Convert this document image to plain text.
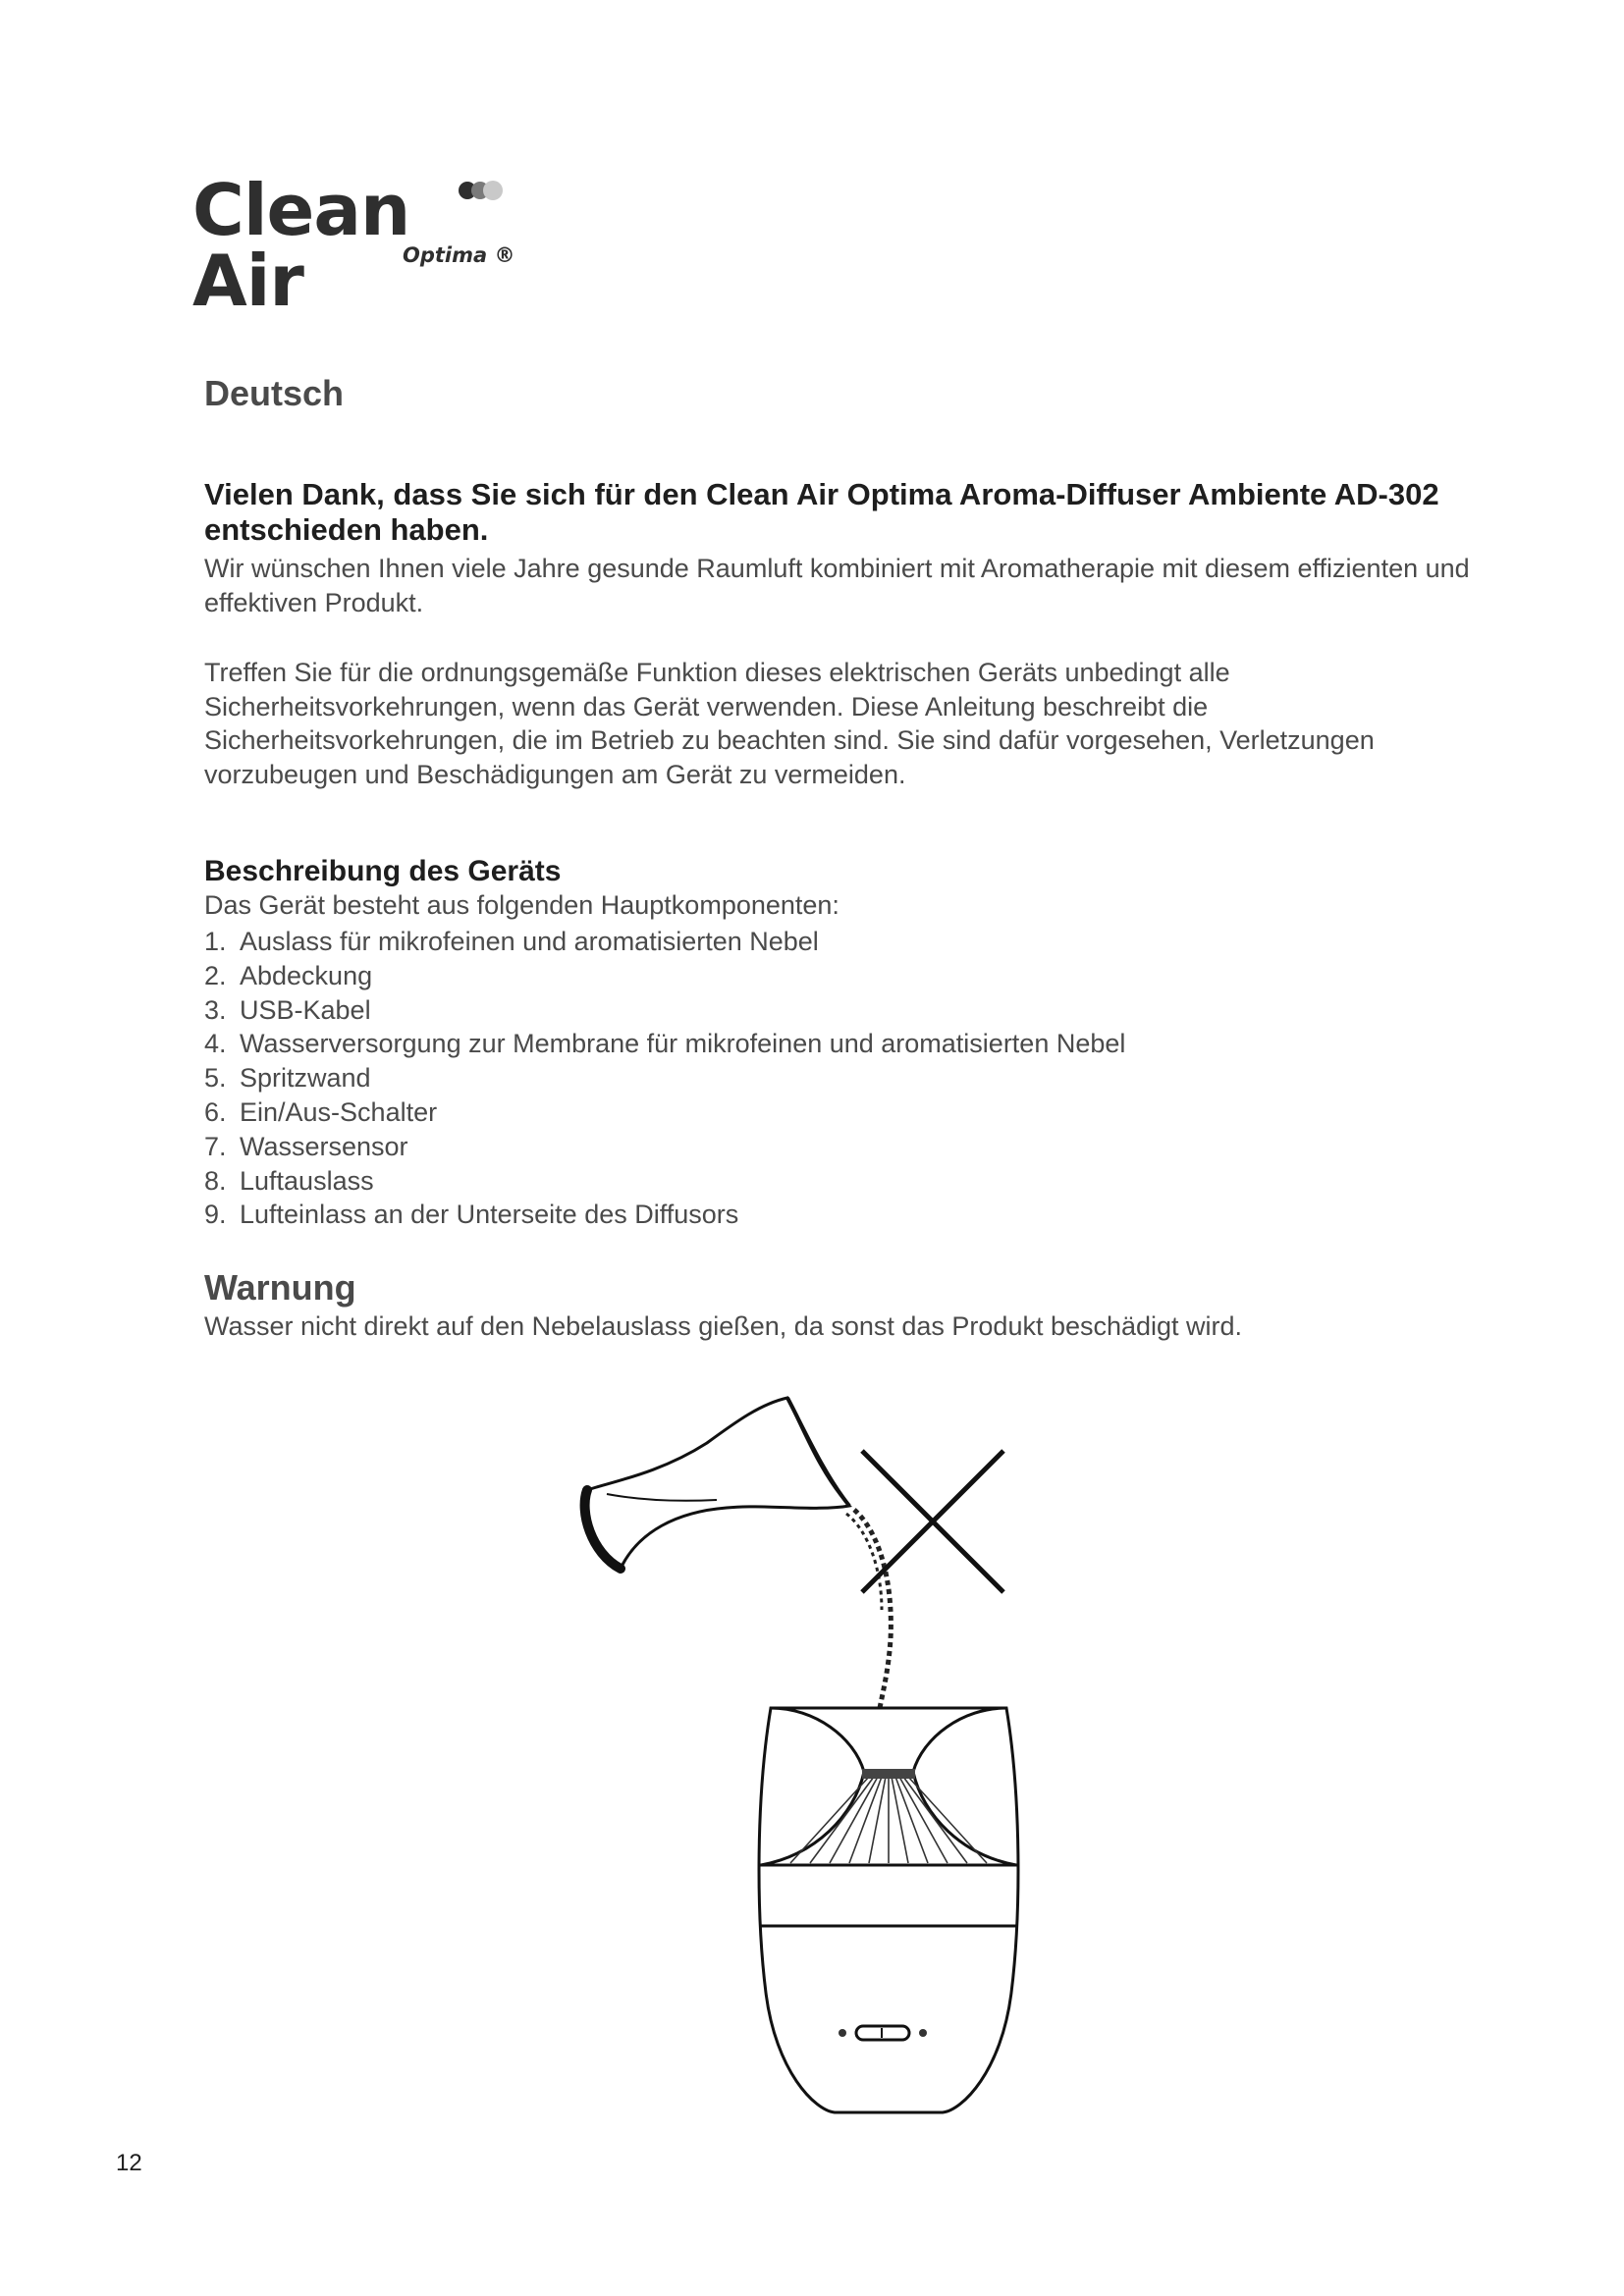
Clean Air	Optima ®
Deutsch
Vielen Dank, dass Sie sich für den Clean Air Optima Aroma-Diffuser Ambiente AD-302 entschieden haben.

Wir wünschen Ihnen viele Jahre gesunde Raumluft kombiniert mit Aromatherapie mit diesem effizienten und effektiven Produkt.

Treffen Sie für die ordnungsgemäße Funktion dieses elektrischen Geräts unbedingt alle Sicherheitsvorkehrungen, wenn das Gerät verwenden. Diese Anleitung beschreibt die Sicherheitsvorkehrungen, die im Betrieb zu beachten sind. Sie sind dafür vorgesehen, Verletzungen vorzubeugen und Beschädigungen am Gerät zu vermeiden.

Beschreibung des Geräts

Das Gerät besteht aus folgenden Hauptkomponenten:

1. Auslass für mikrofeinen und aromatisierten Nebel
2. Abdeckung
3. USB-Kabel
4. Wasserversorgung zur Membrane für mikrofeinen und aromatisierten Nebel
5. Spritzwand
6. Ein/Aus-Schalter
7. Wassersensor
8. Luftauslass
9. Lufteinlass an der Unterseite des Diffusors
Warnung

Wasser nicht direkt auf den Nebelauslass gießen, da sonst das Produkt beschädigt wird.

12
